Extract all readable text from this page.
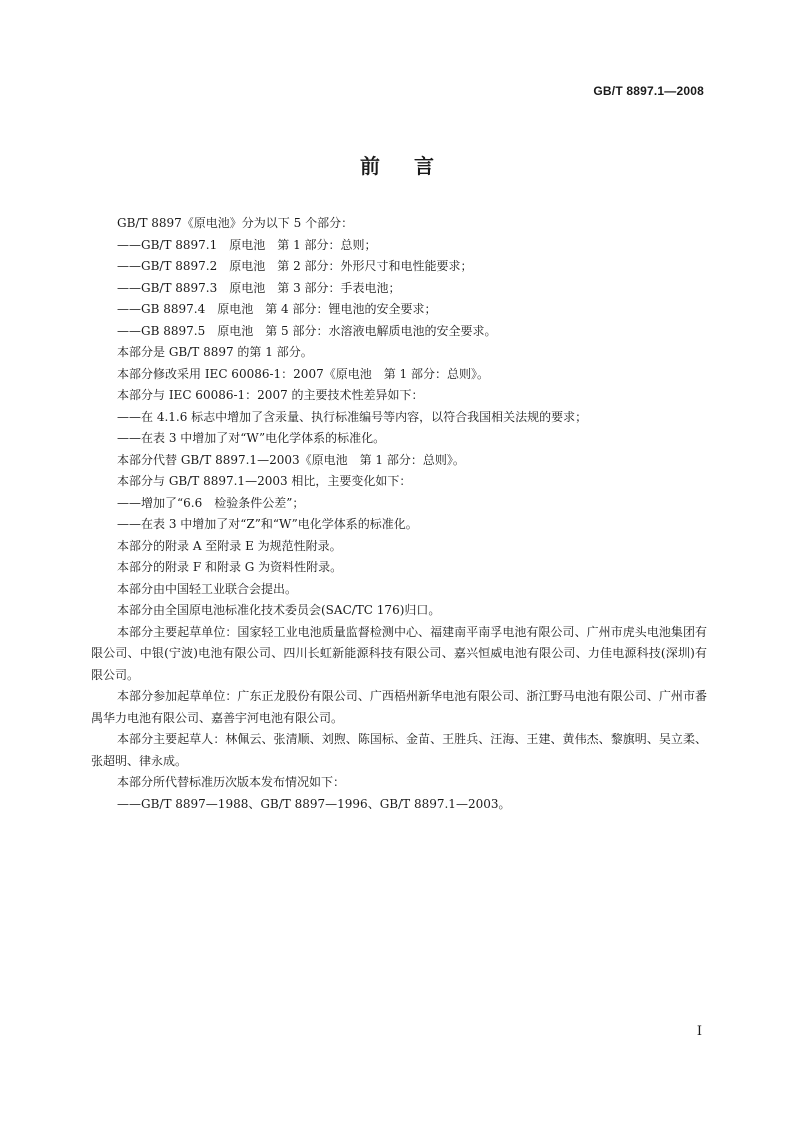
GB/T 8897.1—2008
前言
GB/T 8897《原电池》分为以下 5 个部分：
——GB/T 8897.1　原电池　第 1 部分：总则；
——GB/T 8897.2　原电池　第 2 部分：外形尺寸和电性能要求；
——GB/T 8897.3　原电池　第 3 部分：手表电池；
——GB 8897.4　原电池　第 4 部分：锂电池的安全要求；
——GB 8897.5　原电池　第 5 部分：水溶液电解质电池的安全要求。
本部分是 GB/T 8897 的第 1 部分。
本部分修改采用 IEC 60086-1：2007《原电池　第 1 部分：总则》。
本部分与 IEC 60086-1：2007 的主要技术性差异如下：
——在 4.1.6 标志中增加了含汞量、执行标准编号等内容，以符合我国相关法规的要求；
——在表 3 中增加了对“W”电化学体系的标准化。
本部分代替 GB/T 8897.1—2003《原电池　第 1 部分：总则》。
本部分与 GB/T 8897.1—2003 相比，主要变化如下：
——增加了“6.6　检验条件公差”；
——在表 3 中增加了对“Z”和“W”电化学体系的标准化。
本部分的附录 A 至附录 E 为规范性附录。
本部分的附录 F 和附录 G 为资料性附录。
本部分由中国轻工业联合会提出。
本部分由全国原电池标准化技术委员会(SAC/TC 176)归口。
本部分主要起草单位：国家轻工业电池质量监督检测中心、福建南平南孚电池有限公司、广州市虎头电池集团有限公司、中银(宁波)电池有限公司、四川长虹新能源科技有限公司、嘉兴恒威电池有限公司、力佳电源科技(深圳)有限公司。
本部分参加起草单位：广东正龙股份有限公司、广西梧州新华电池有限公司、浙江野马电池有限公司、广州市番禺华力电池有限公司、嘉善宇河电池有限公司。
本部分主要起草人：林佩云、张清顺、刘煦、陈国标、金苗、王胜兵、汪海、王建、黄伟杰、黎旗明、吴立柔、张超明、律永成。
本部分所代替标准历次版本发布情况如下：
——GB/T 8897—1988、GB/T 8897—1996、GB/T 8897.1—2003。
I
